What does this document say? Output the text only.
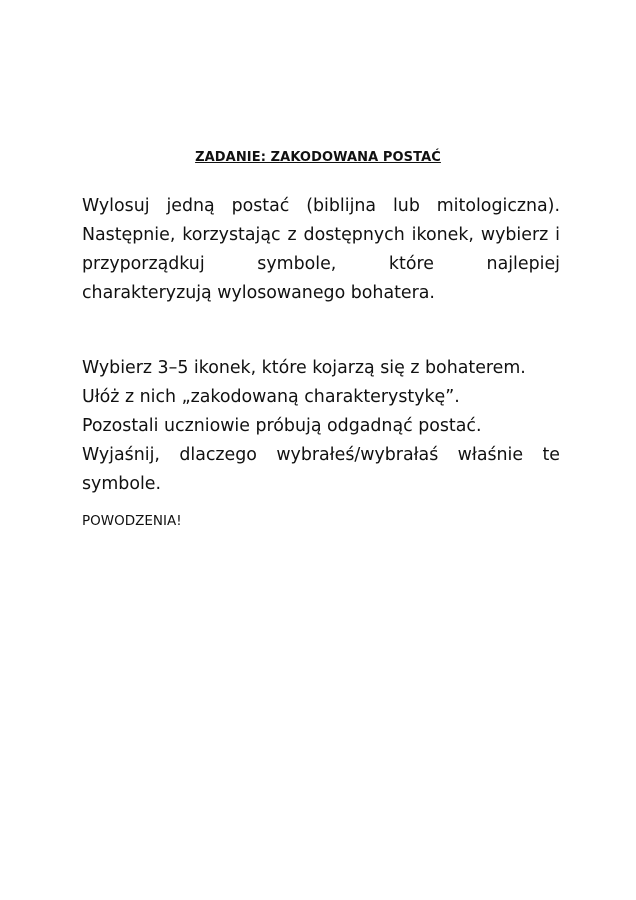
ZADANIE: ZAKODOWANA POSTAĆ
Wylosuj jedną postać (biblijna lub mitologiczna).
Następnie, korzystając z dostępnych ikonek, wybierz i
przyporządkuj symbole, które najlepiej
charakteryzują wylosowanego bohatera.
Wybierz 3–5 ikonek, które kojarzą się z bohaterem.
Ułóż z nich „zakodowaną charakterystykę”.
Pozostali uczniowie próbują odgadnąć postać.
Wyjaśnij, dlaczego wybrałeś/wybrałaś właśnie te
symbole.

POWODZENIA!
